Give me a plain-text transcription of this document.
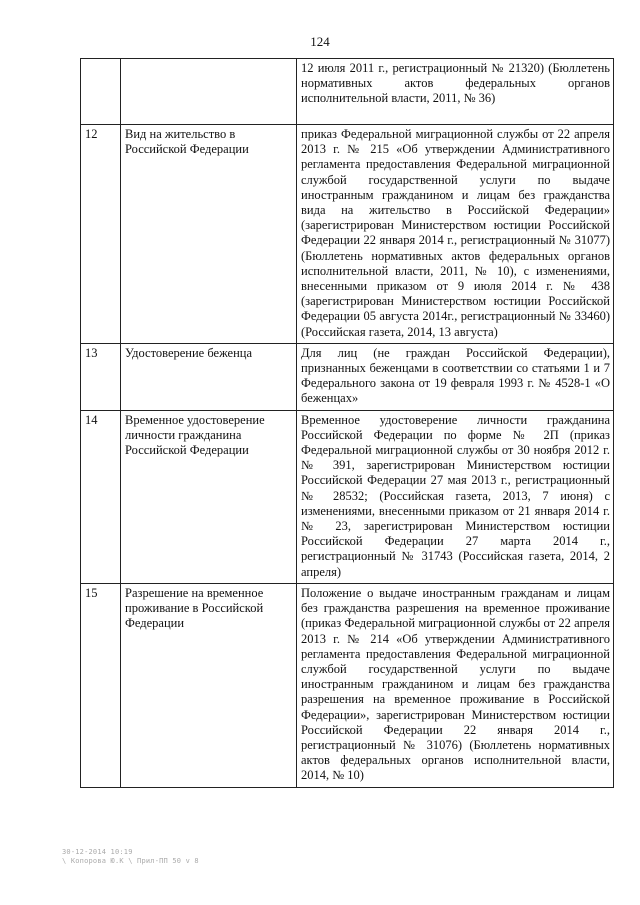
124
		12 июля 2011 г., регистрационный № 21320) (Бюллетень нормативных актов федеральных органов исполнительной власти, 2011, № 36)
12	Вид на жительство в Российской Федерации	приказ Федеральной миграционной службы от 22 апреля 2013 г. № 215 «Об утверждении Административного регламента предоставления Федеральной миграционной службой государственной услуги по выдаче иностранным гражданином и лицам без гражданства вида на жительство в Российской Федерации» (зарегистрирован Министерством юстиции Российской Федерации 22 января 2014 г., регистрационный № 31077) (Бюллетень нормативных актов федеральных органов исполнительной власти, 2011, № 10), с изменениями, внесенными приказом от 9 июля 2014 г. № 438 (зарегистрирован Министерством юстиции Российской Федерации 05 августа 2014г., регистрационный № 33460) (Российская газета, 2014, 13 августа)
13	Удостоверение беженца	Для лиц (не граждан Российской Федерации), признанных беженцами в соответствии со статьями 1 и 7 Федерального закона от 19 февраля 1993 г. № 4528-1 «О беженцах»
14	Временное удостоверение личности гражданина Российской Федерации	Временное удостоверение личности гражданина Российской Федерации по форме № 2П (приказ Федеральной миграционной службы от 30 ноября 2012 г. № 391, зарегистрирован Министерством юстиции Российской Федерации 27 мая 2013 г., регистрационный № 28532; (Российская газета, 2013, 7 июня) с изменениями, внесенными приказом от 21 января 2014 г. № 23, зарегистрирован Министерством юстиции Российской Федерации 27 марта 2014 г., регистрационный № 31743 (Российская газета, 2014, 2 апреля)
15	Разрешение на временное проживание в Российской Федерации	Положение о выдаче иностранным гражданам и лицам без гражданства разрешения на временное проживание (приказ Федеральной миграционной службы от 22 апреля 2013 г. № 214 «Об утверждении Административного регламента предоставления Федеральной миграционной службой государственной услуги по выдаче иностранным гражданином и лицам без гражданства разрешения на временное проживание в Российской Федерации», зарегистрирован Министерством юстиции Российской Федерации 22 января 2014 г., регистрационный № 31076) (Бюллетень нормативных актов федеральных органов исполнительной власти, 2014, № 10)
30-12-2014 10:19
\ Копорова Ю.К \ Прил-ПП 50 v 8
